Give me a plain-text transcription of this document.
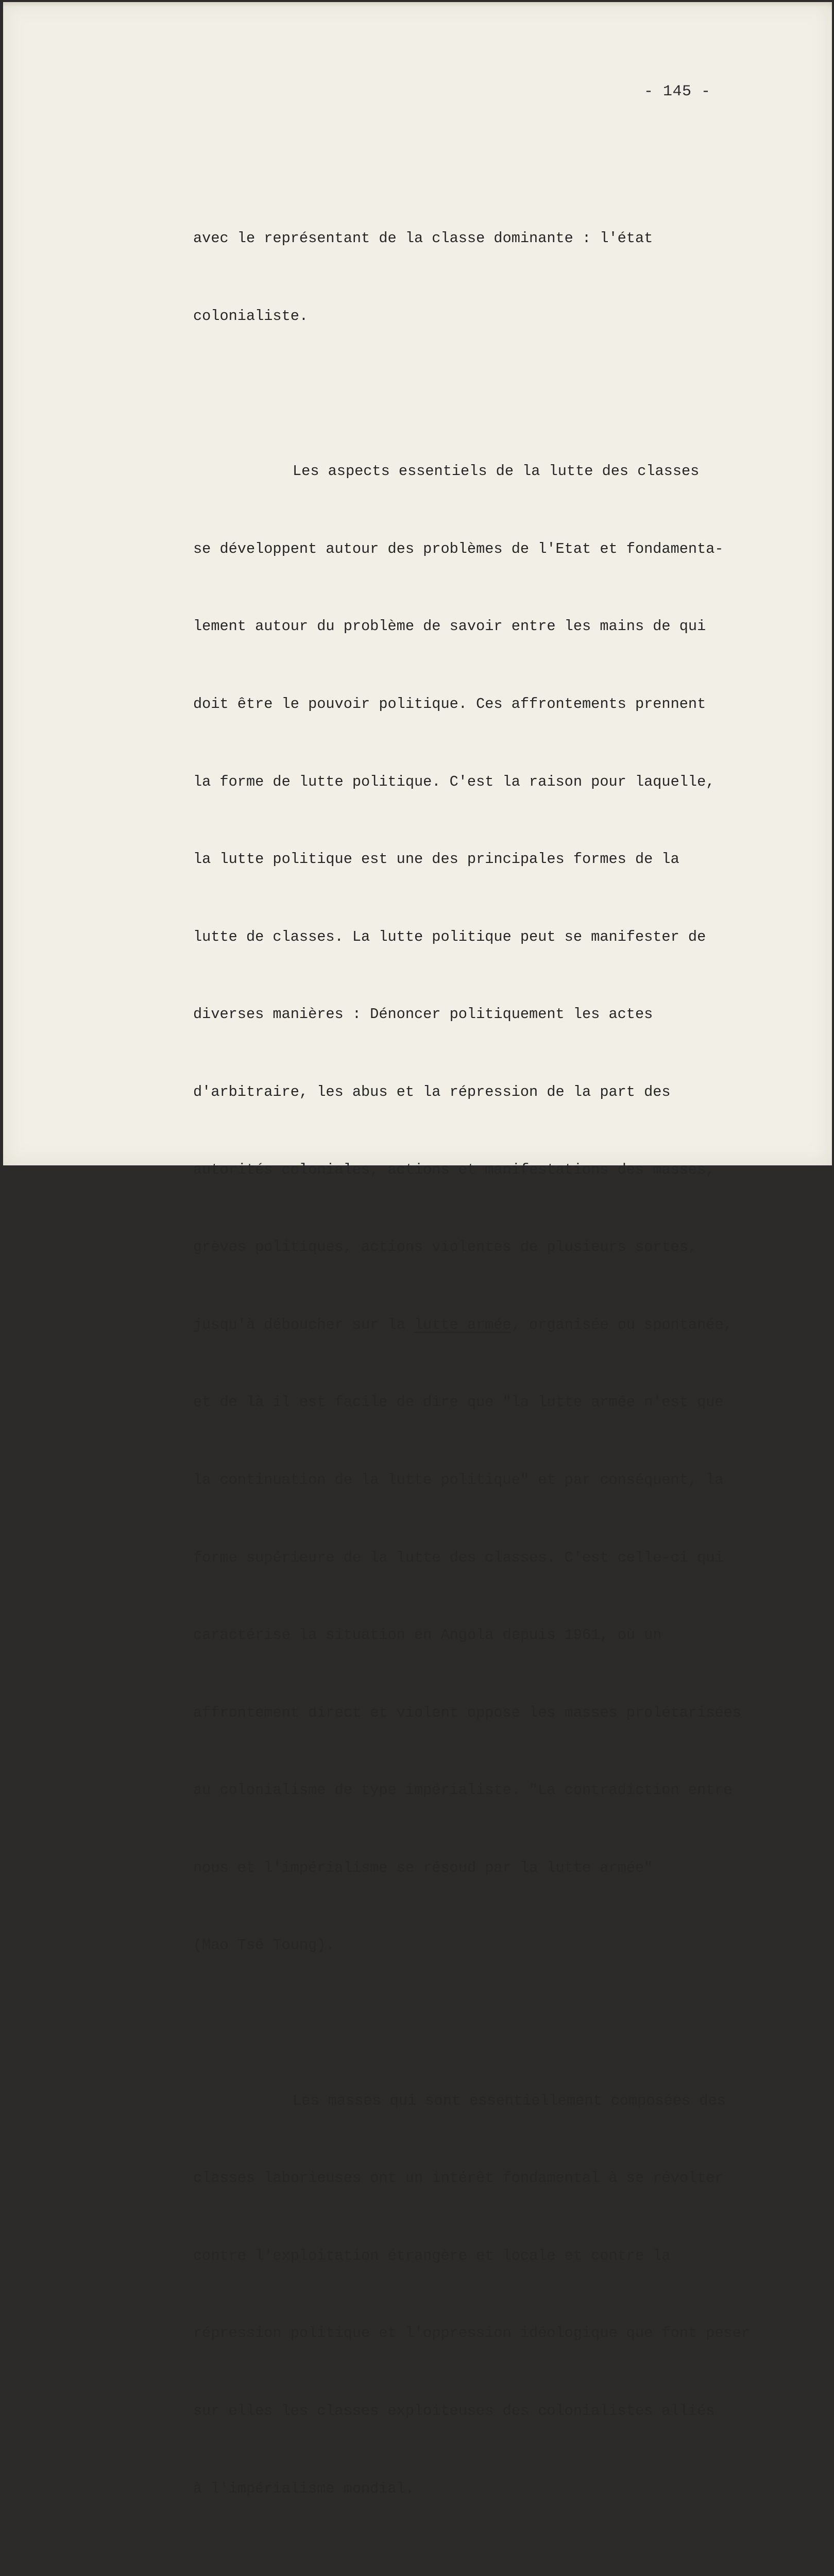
- 145 -

avec le représentant de la classe dominante : l'état

colonialiste.

Les aspects essentiels de la lutte des classes

se développent autour des problèmes de l'Etat et fondamenta-

lement autour du problème de savoir entre les mains de qui

doit être le pouvoir politique. Ces affrontements prennent

la forme de lutte politique. C'est la raison pour laquelle,

la lutte politique est une des principales formes de la

lutte de classes. La lutte politique peut se manifester de

diverses manières : Dénoncer politiquement les actes

d'arbitraire, les abus et la répression de la part des

autorités coloniales, actions et manifestations des masses,

grèves politiques, actions violentes de plusieurs sortes,

jusqu'à déboucher sur la lutte armée, organisée ou spontanée,

et de là il est facile de dire que "la lutte armée n'est que

la continuation de la lutte politique" et par conséquent, la

forme supérieure de la lutte des classes. C'est celle-ci qui

caractérise la situation en Angola depuis 1961, où un

affrontement direct et violent oppose les masses prolétarisées

au colonialisme de type impérialiste. "La contradiction entre

nous et l'impérialisme se résoud par la lutte armée"

(Mao Tsé Toung).

Les masses qui sont essentiellement composées des

classes laborieuses ont un intérêt fondamental à se révolter

contre l'exploitation étrangère et locale et contre la

répression politique et l'oppression idéologique que font peser

sur elles les classes exploiteuses des colonialistes alliés

à l'impérialisme mondial.
